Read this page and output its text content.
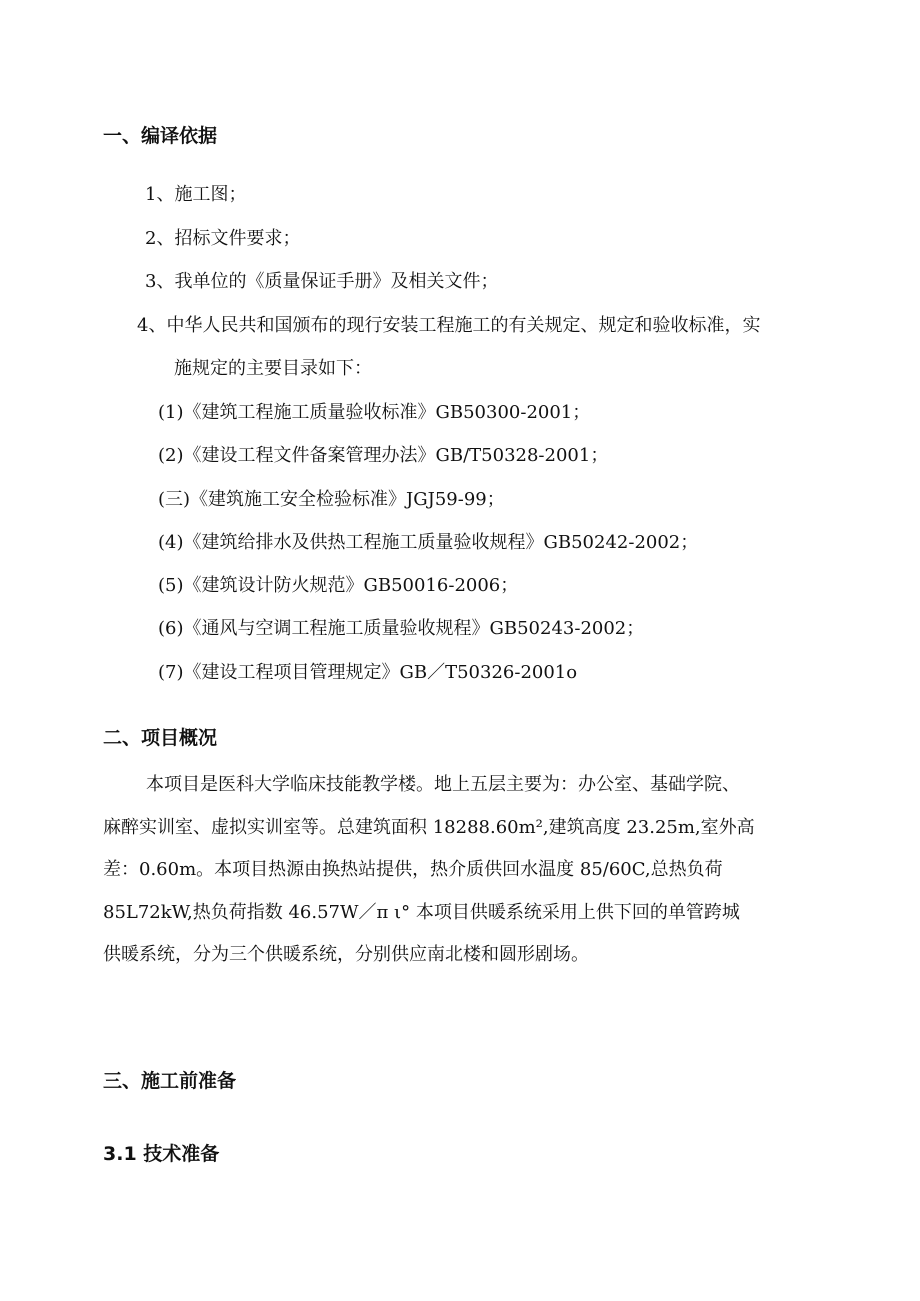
一、编译依据
1、施工图；
2、招标文件要求；
3、我单位的《质量保证手册》及相关文件；
4、中华人民共和国颁布的现行安装工程施工的有关规定、规定和验收标准，实
施规定的主要目录如下：
(1)《建筑工程施工质量验收标准》GB50300-2001；
(2)《建设工程文件备案管理办法》GB/T50328-2001；
(三)《建筑施工安全检验标准》JGJ59-99；
(4)《建筑给排水及供热工程施工质量验收规程》GB50242-2002；
(5)《建筑设计防火规范》GB50016-2006；
(6)《通风与空调工程施工质量验收规程》GB50243-2002；
(7)《建设工程项目管理规定》GB／T50326-2001o
二、项目概况
本项目是医科大学临床技能教学楼。地上五层主要为：办公室、基础学院、
麻醉实训室、虚拟实训室等。总建筑面积 18288.60m²,建筑高度 23.25m,室外高
差：0.60m。本项目热源由换热站提供，热介质供回水温度 85/60C,总热负荷
85L72kW,热负荷指数 46.57W／π ι° 本项目供暖系统采用上供下回的单管跨城
供暖系统，分为三个供暖系统，分别供应南北楼和圆形剧场。
三、施工前准备
3.1 技术准备
